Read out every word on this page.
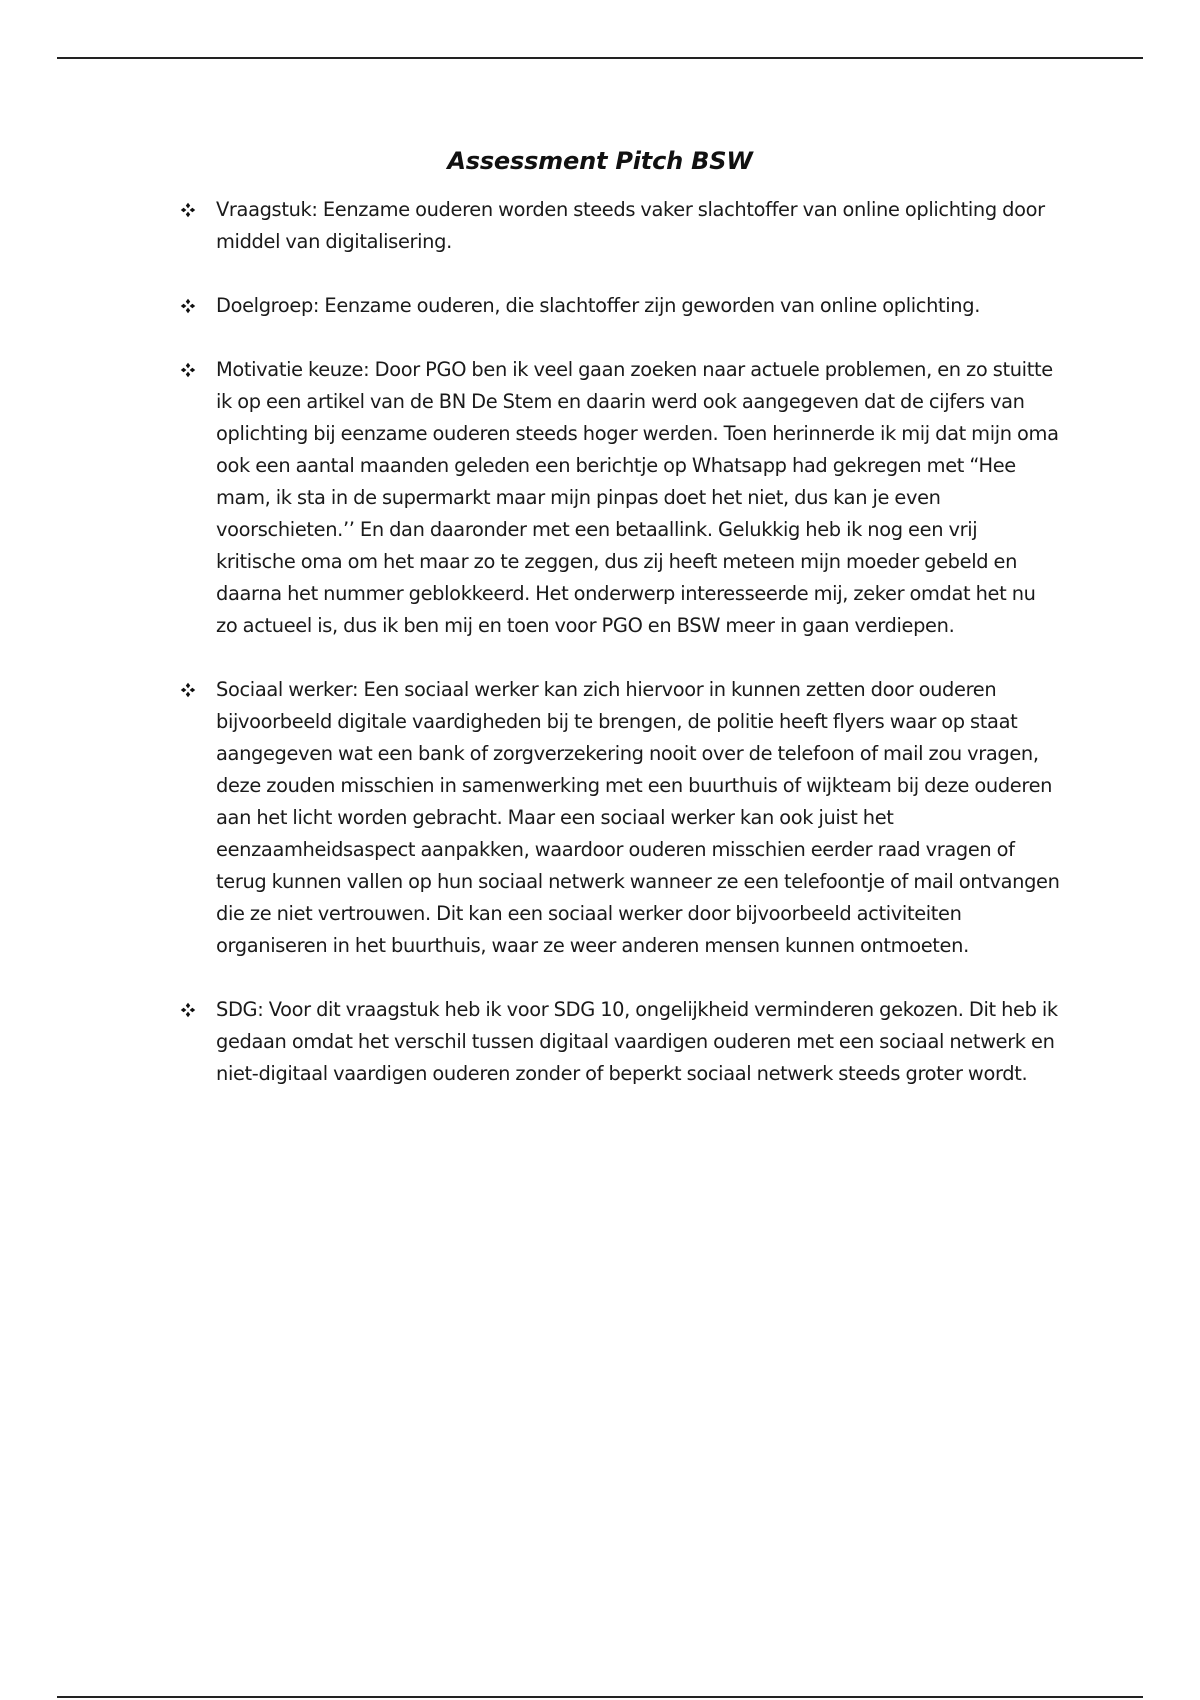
Assessment Pitch BSW
Vraagstuk: Eenzame ouderen worden steeds vaker slachtoffer van online oplichting door middel van digitalisering.
Doelgroep: Eenzame ouderen, die slachtoffer zijn geworden van online oplichting.
Motivatie keuze: Door PGO ben ik veel gaan zoeken naar actuele problemen, en zo stuitte ik op een artikel van de BN De Stem en daarin werd ook aangegeven dat de cijfers van oplichting bij eenzame ouderen steeds hoger werden. Toen herinnerde ik mij dat mijn oma ook een aantal maanden geleden een berichtje op Whatsapp had gekregen met “Hee mam, ik sta in de supermarkt maar mijn pinpas doet het niet, dus kan je even voorschieten.’’ En dan daaronder met een betaallink. Gelukkig heb ik nog een vrij kritische oma om het maar zo te zeggen, dus zij heeft meteen mijn moeder gebeld en daarna het nummer geblokkeerd. Het onderwerp interesseerde mij, zeker omdat het nu zo actueel is, dus ik ben mij en toen voor PGO en BSW meer in gaan verdiepen.
Sociaal werker: Een sociaal werker kan zich hiervoor in kunnen zetten door ouderen bijvoorbeeld digitale vaardigheden bij te brengen, de politie heeft flyers waar op staat aangegeven wat een bank of zorgverzekering nooit over de telefoon of mail zou vragen, deze zouden misschien in samenwerking met een buurthuis of wijkteam bij deze ouderen aan het licht worden gebracht. Maar een sociaal werker kan ook juist het eenzaamheidsaspect aanpakken, waardoor ouderen misschien eerder raad vragen of terug kunnen vallen op hun sociaal netwerk wanneer ze een telefoontje of mail ontvangen die ze niet vertrouwen. Dit kan een sociaal werker door bijvoorbeeld activiteiten organiseren in het buurthuis, waar ze weer anderen mensen kunnen ontmoeten.
SDG: Voor dit vraagstuk heb ik voor SDG 10, ongelijkheid verminderen gekozen. Dit heb ik gedaan omdat het verschil tussen digitaal vaardigen ouderen met een sociaal netwerk en niet-digitaal vaardigen ouderen zonder of beperkt sociaal netwerk steeds groter wordt.
